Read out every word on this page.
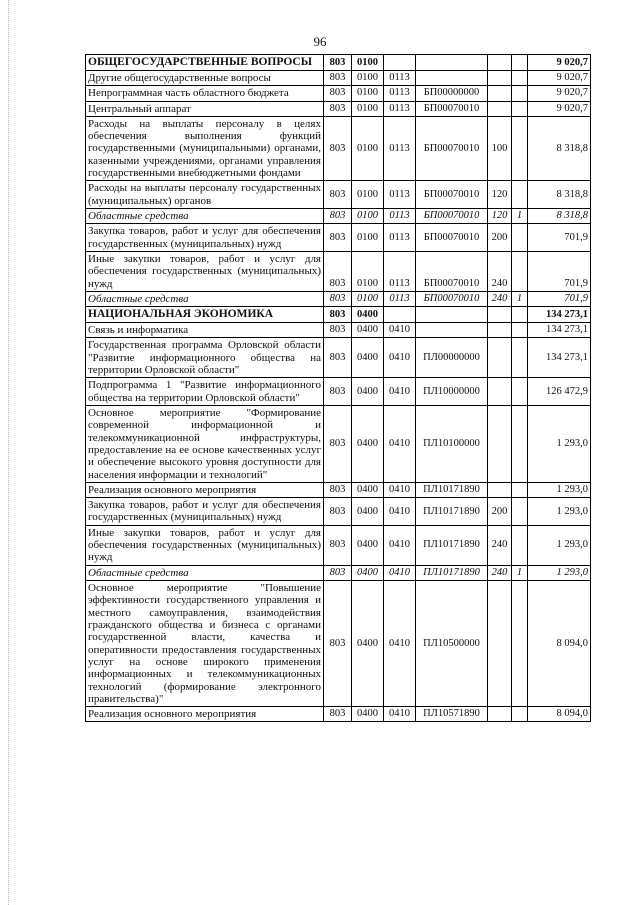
96
ОБЩЕГОСУДАРСТВЕННЫЕ ВОПРОСЫ	803	0100					9 020,7
Другие общегосударственные вопросы	803	0100	0113				9 020,7
Непрограммная часть областного бюджета	803	0100	0113	БП00000000			9 020,7
Центральный аппарат	803	0100	0113	БП00070010			9 020,7
Расходы на выплаты персоналу в целях обеспечения выполнения функций государственными (муниципальными) органами, казенными учреждениями, органами управления государственными внебюджетными фондами	803	0100	0113	БП00070010	100		8 318,8
Расходы на выплаты персоналу государственных (муниципальных) органов	803	0100	0113	БП00070010	120		8 318,8
Областные средства	803	0100	0113	БП00070010	120	1	8 318,8
Закупка товаров, работ и услуг для обеспечения государственных (муниципальных) нужд	803	0100	0113	БП00070010	200		701,9
Иные закупки товаров, работ и услуг для обеспечения государственных (муниципальных) нужд	803	0100	0113	БП00070010	240		701,9
Областные средства	803	0100	0113	БП00070010	240	1	701,9
НАЦИОНАЛЬНАЯ ЭКОНОМИКА	803	0400					134 273,1
Связь и информатика	803	0400	0410				134 273,1
Государственная программа Орловской области "Развитие информационного общества на территории Орловской области"	803	0400	0410	ПЛ00000000			134 273,1
Подпрограмма 1 "Развитие информационного общества на территории Орловской области"	803	0400	0410	ПЛ10000000			126 472,9
Основное мероприятие "Формирование современной информационной и телекоммуникационной инфраструктуры, предоставление на ее основе качественных услуг и обеспечение высокого уровня доступности для населения информации и технологий"	803	0400	0410	ПЛ10100000			1 293,0
Реализация основного мероприятия	803	0400	0410	ПЛ10171890			1 293,0
Закупка товаров, работ и услуг для обеспечения государственных (муниципальных) нужд	803	0400	0410	ПЛ10171890	200		1 293,0
Иные закупки товаров, работ и услуг для обеспечения государственных (муниципальных) нужд	803	0400	0410	ПЛ10171890	240		1 293,0
Областные средства	803	0400	0410	ПЛ10171890	240	1	1 293,0
Основное мероприятие "Повышение эффективности государственного управления и местного самоуправления, взаимодействия гражданского общества и бизнеса с органами государственной власти, качества и оперативности предоставления государственных услуг на основе широкого применения информационных и телекоммуникационных технологий (формирование электронного правительства)"	803	0400	0410	ПЛ10500000			8 094,0
Реализация основного мероприятия	803	0400	0410	ПЛ10571890			8 094,0
